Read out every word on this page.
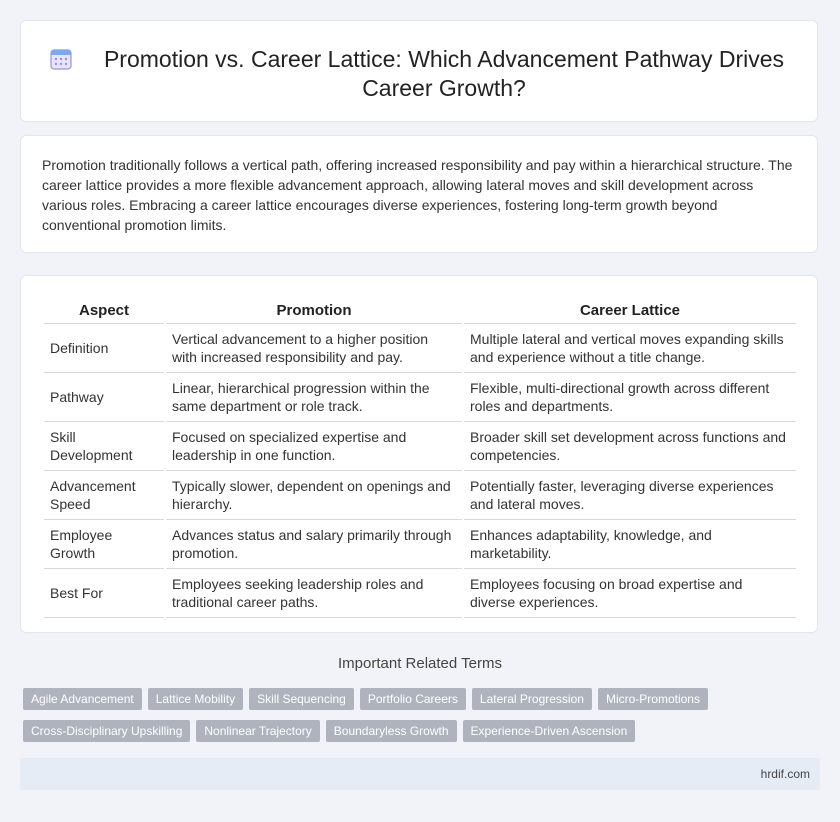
Promotion vs. Career Lattice: Which Advancement Pathway Drives Career Growth?

Promotion traditionally follows a vertical path, offering increased responsibility and pay within a hierarchical structure. The career lattice provides a more flexible advancement approach, allowing lateral moves and skill development across various roles. Embracing a career lattice encourages diverse experiences, fostering long-term growth beyond conventional promotion limits.

Aspect	Promotion	Career Lattice
Definition	Vertical advancement to a higher position with increased responsibility and pay.	Multiple lateral and vertical moves expanding skills and experience without a title change.
Pathway	Linear, hierarchical progression within the same department or role track.	Flexible, multi-directional growth across different roles and departments.
Skill Development	Focused on specialized expertise and leadership in one function.	Broader skill set development across functions and competencies.
Advancement Speed	Typically slower, dependent on openings and hierarchy.	Potentially faster, leveraging diverse experiences and lateral moves.
Employee Growth	Advances status and salary primarily through promotion.	Enhances adaptability, knowledge, and marketability.
Best For	Employees seeking leadership roles and traditional career paths.	Employees focusing on broad expertise and diverse experiences.
Important Related Terms
Agile Advancement Lattice Mobility Skill Sequencing Portfolio Careers Lateral Progression Micro-Promotions
Cross-Disciplinary Upskilling Nonlinear Trajectory Boundaryless Growth Experience-Driven Ascension
hrdif.com
